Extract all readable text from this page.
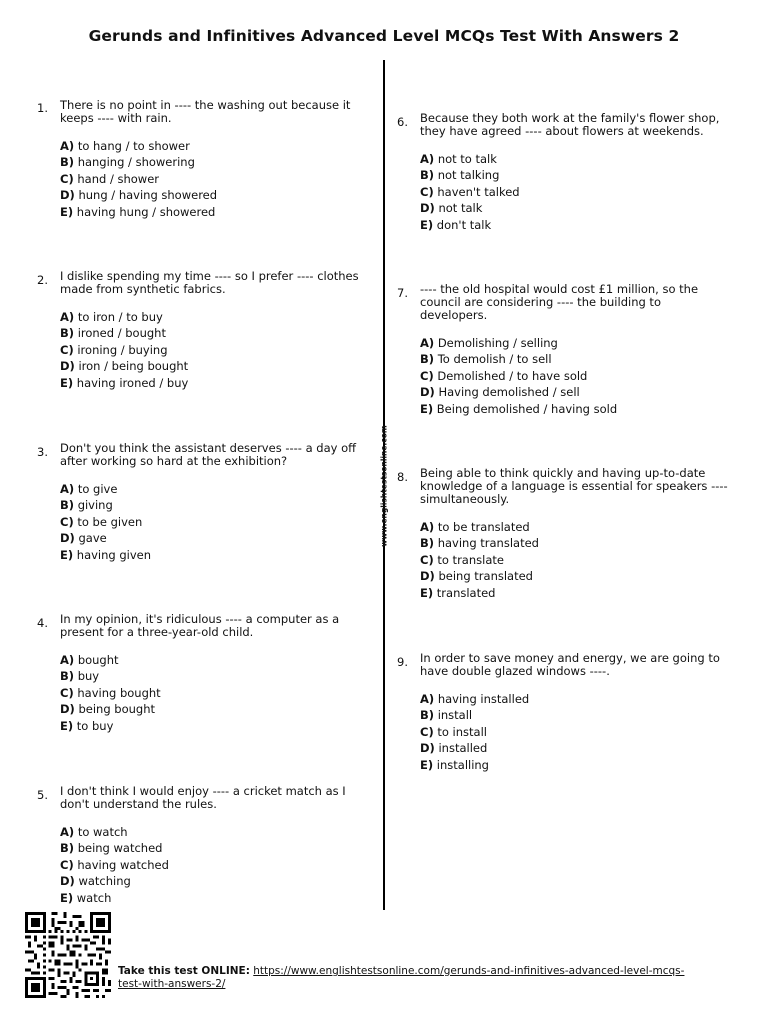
Gerunds and Infinitives Advanced Level MCQs Test With Answers 2
www.englishtestsonline.com
1. There is no point in ---- the washing out because it keeps ---- with rain.

A) to hang / to shower
B) hanging / showering
C) hand / shower
D) hung / having showered
E) having hung / showered
2. I dislike spending my time ---- so I prefer ---- clothes made from synthetic fabrics.

A) to iron / to buy
B) ironed / bought
C) ironing / buying
D) iron / being bought
E) having ironed / buy
3. Don't you think the assistant deserves ---- a day off after working so hard at the exhibition?

A) to give
B) giving
C) to be given
D) gave
E) having given
4. In my opinion, it's ridiculous ---- a computer as a present for a three-year-old child.

A) bought
B) buy
C) having bought
D) being bought
E) to buy
5. I don't think I would enjoy ---- a cricket match as I don't understand the rules.

A) to watch
B) being watched
C) having watched
D) watching
E) watch
6. Because they both work at the family's flower shop, they have agreed ---- about flowers at weekends.

A) not to talk
B) not talking
C) haven't talked
D) not talk
E) don't talk
7. ---- the old hospital would cost £1 million, so the council are considering ---- the building to developers.

A) Demolishing / selling
B) To demolish / to sell
C) Demolished / to have sold
D) Having demolished / sell
E) Being demolished / having sold
8. Being able to think quickly and having up-to-date knowledge of a language is essential for speakers ---- simultaneously.

A) to be translated
B) having translated
C) to translate
D) being translated
E) translated
9. In order to save money and energy, we are going to have double glazed windows ----.

A) having installed
B) install
C) to install
D) installed
E) installing
Take this test ONLINE: https://www.englishtestsonline.com/gerunds-and-infinitives-advanced-level-mcqs-test-with-answers-2/
